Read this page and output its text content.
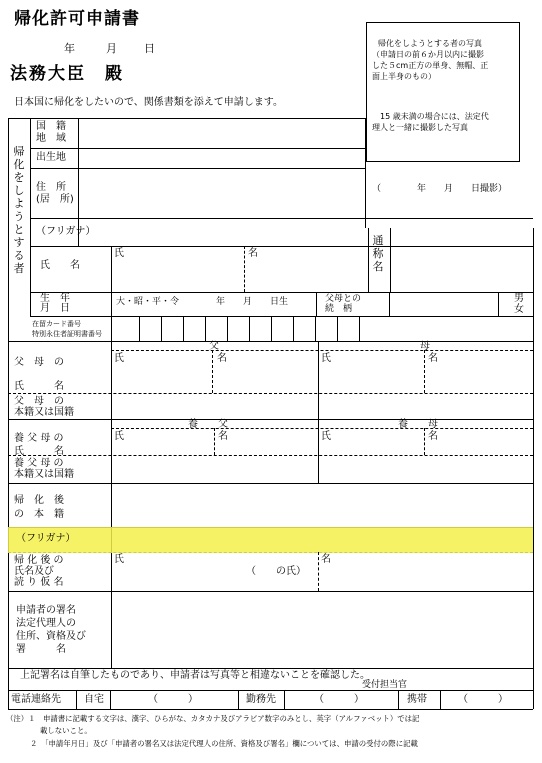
帰化許可申請書
年	月 日
法務大臣　殿
日本国に帰化をしたいので、関係書類を添えて申請します。
帰化をしようとする者の写真
（申請日の前６か月以内に撮影
した５cm正方の単身、無帽、正
面上半身のもの）
15 歳未満の場合には、法定代
理人と一緒に撮影した写真
（　　　　年　　月　　日撮影）
帰化をしようとする者
国　籍
地　域
出生地
住　所
(居　所)
（フリガナ）
氏　　名
氏	名
通称名
生　年
月　日
大・昭・平・令	年　　月　　日生	父母との
続　柄
男
女
在留カード番号
特別永住者証明書番号
父	母
父　母　の
氏　　　名
氏	名	氏	名
父　母　の
本籍又は国籍
養　　父	養　　母
養 父 母 の
氏　　　名
氏	名	氏	名
養 父 母 の
本籍又は国籍
帰　化　後
の　本　籍
（フリガナ）
帰 化 後 の
氏名及び
読 り 仮 名
氏
（　　の氏）
名
申請者の署名
法定代理人の
住所、資格及び
署　　　名
上記署名は自筆したものであり、申請者は写真等と相違ないことを確認した。
受付担当官
電話連絡先 自宅	（　　　）	勤務先	（　　　）	携帯	（　　　）
（注）１　申請書に記載する文字は、漢字、ひらがな、カタカナ及びアラビア数字のみとし、英字（アルファベット）では記
載しないこと。
２　「申請年月日」及び「申請者の署名又は法定代理人の住所、資格及び署名」欄については、申請の受付の際に記載
